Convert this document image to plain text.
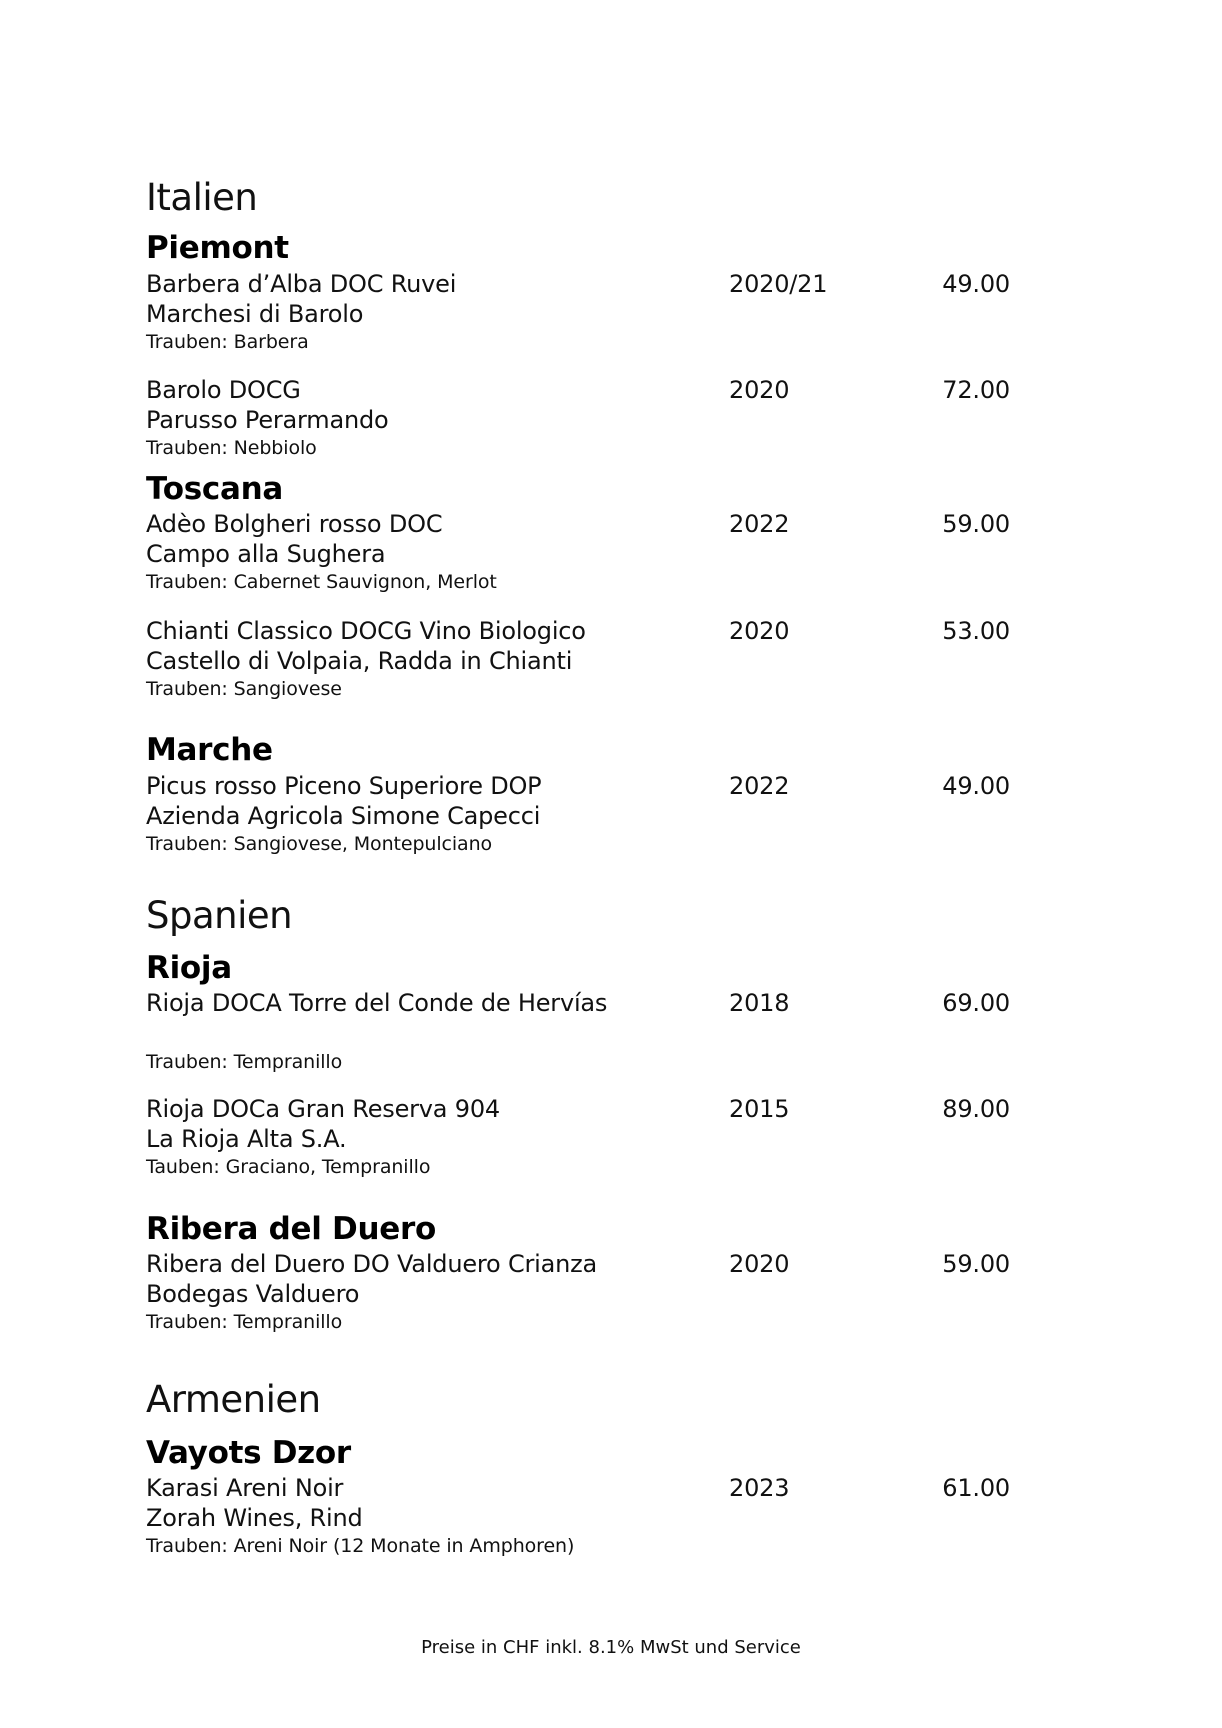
Italien
Piemont
Barbera d’Alba DOC Ruvei
Marchesi di Barolo
Trauben: Barbera
2020/21	49.00
Barolo DOCG
Parusso Perarmando
Trauben: Nebbiolo
2020	72.00
Toscana
Adèo Bolgheri rosso DOC
Campo alla Sughera
Trauben: Cabernet Sauvignon, Merlot
2022	59.00
Chianti Classico DOCG Vino Biologico
Castello di Volpaia, Radda in Chianti
Trauben: Sangiovese
2020	53.00
Marche
Picus rosso Piceno Superiore DOP
Azienda Agricola Simone Capecci
Trauben: Sangiovese, Montepulciano
2022	49.00
Spanien
Rioja
Rioja DOCA Torre del Conde de Hervías
Trauben: Tempranillo
2018	69.00
Rioja DOCa Gran Reserva 904
La Rioja Alta S.A.
Tauben: Graciano, Tempranillo
2015	89.00
Ribera del Duero
Ribera del Duero DO Valduero Crianza
Bodegas Valduero
Trauben: Tempranillo
2020	59.00
Armenien
Vayots Dzor
Karasi Areni Noir
Zorah Wines, Rind
Trauben: Areni Noir (12 Monate in Amphoren)
2023	61.00
Preise in CHF inkl. 8.1% MwSt und Service
